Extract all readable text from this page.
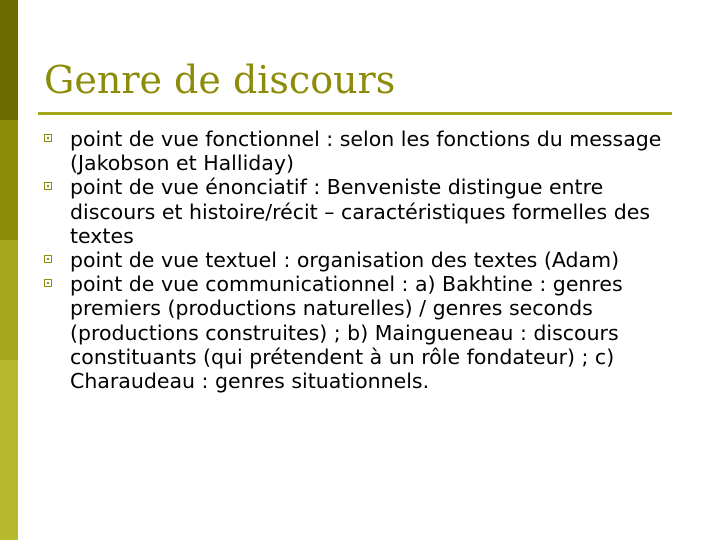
Genre de discours
point de vue fonctionnel : selon les fonctions du message (Jakobson et Halliday)
point de vue énonciatif : Benveniste distingue entre discours et histoire/récit – caractéristiques formelles des textes
point de vue textuel : organisation des textes (Adam)
point de vue communicationnel : a) Bakhtine : genres premiers (productions naturelles) / genres seconds (productions construites) ; b) Maingueneau : discours constituants (qui prétendent à un rôle fondateur) ; c) Charaudeau : genres situationnels.
